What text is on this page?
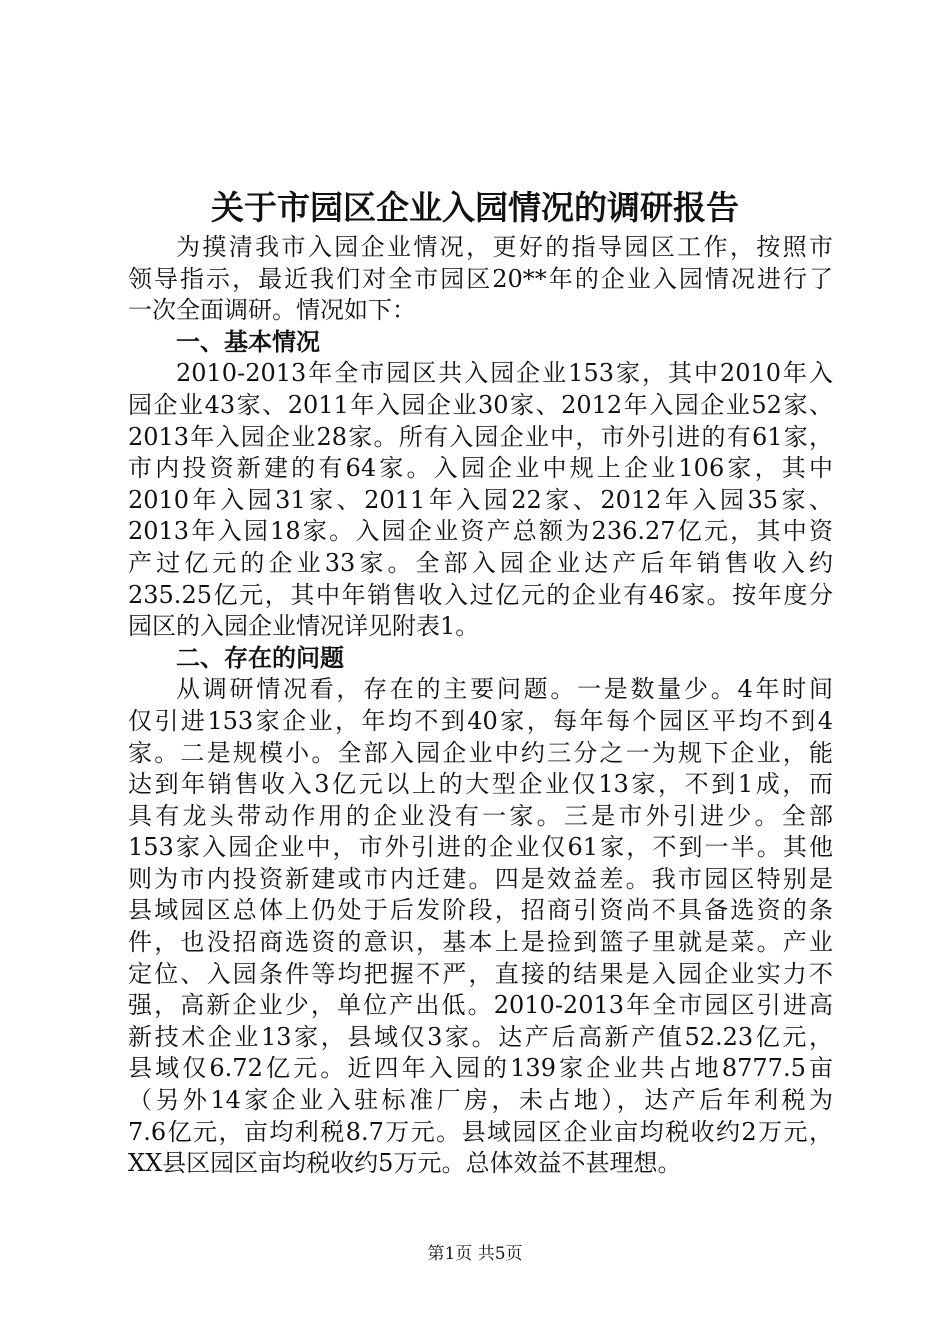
关于市园区企业入园情况的调研报告
为摸清我市入园企业情况，更好的指导园区工作，按照市
领导指示，最近我们对全市园区20**年的企业入园情况进行了
一次全面调研。情况如下：
一、基本情况
2010-2013年全市园区共入园企业153家，其中2010年入
园企业43家、2011年入园企业30家、2012年入园企业52家、
2013年入园企业28家。所有入园企业中，市外引进的有61家，
市内投资新建的有64家。入园企业中规上企业106家，其中
2010年入园31家、2011年入园22家、2012年入园35家、
2013年入园18家。入园企业资产总额为236.27亿元，其中资
产过亿元的企业33家。全部入园企业达产后年销售收入约
235.25亿元，其中年销售收入过亿元的企业有46家。按年度分
园区的入园企业情况详见附表1。
二、存在的问题
从调研情况看，存在的主要问题。一是数量少。4年时间
仅引进153家企业，年均不到40家，每年每个园区平均不到4
家。二是规模小。全部入园企业中约三分之一为规下企业，能
达到年销售收入3亿元以上的大型企业仅13家，不到1成，而
具有龙头带动作用的企业没有一家。三是市外引进少。全部
153家入园企业中，市外引进的企业仅61家，不到一半。其他
则为市内投资新建或市内迁建。四是效益差。我市园区特别是
县域园区总体上仍处于后发阶段，招商引资尚不具备选资的条
件，也没招商选资的意识，基本上是捡到篮子里就是菜。产业
定位、入园条件等均把握不严，直接的结果是入园企业实力不
强，高新企业少，单位产出低。2010-2013年全市园区引进高
新技术企业13家，县域仅3家。达产后高新产值52.23亿元，
县域仅6.72亿元。近四年入园的139家企业共占地8777.5亩
（另外14家企业入驻标准厂房，未占地），达产后年利税为
7.6亿元，亩均利税8.7万元。县域园区企业亩均税收约2万元，
XX县区园区亩均税收约5万元。总体效益不甚理想。
第1页 共5页
